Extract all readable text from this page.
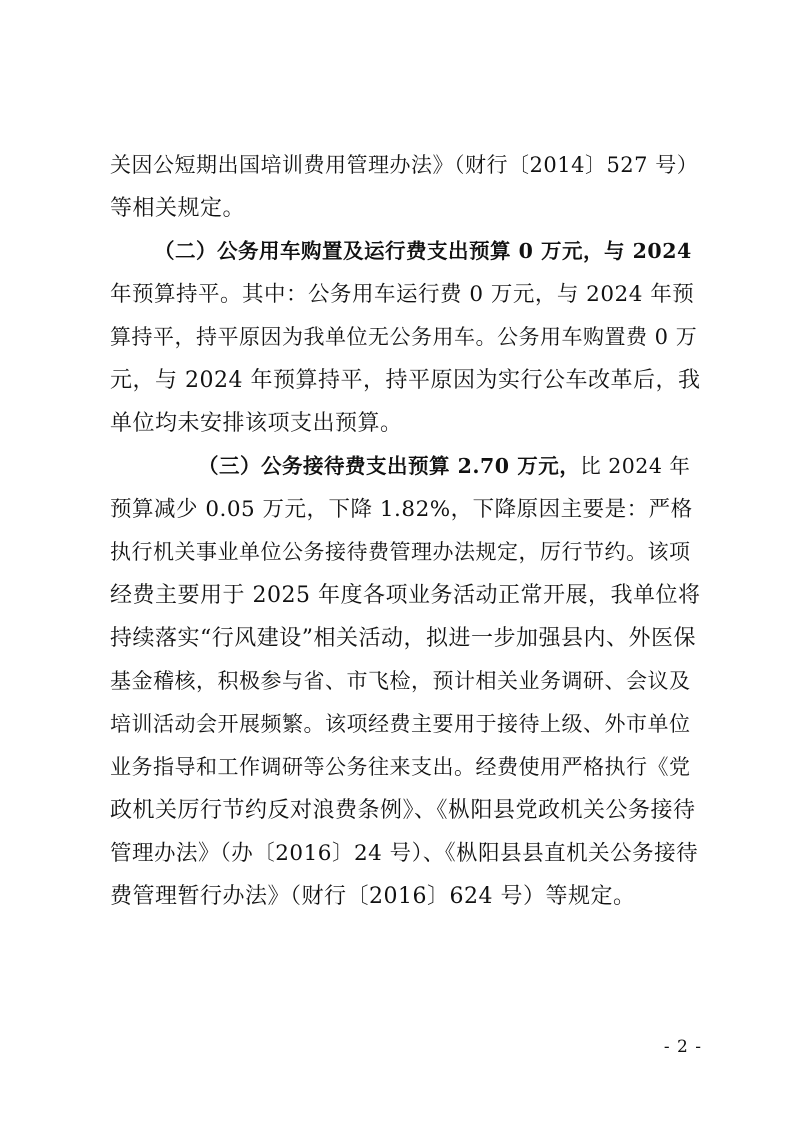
关因公短期出国培训费用管理办法》（财行〔2014〕527 号）

等相关规定。

（二）公务用车购置及运行费支出预算 0 万元，与 2024

年预算持平。其中：公务用车运行费 0 万元，与 2024 年预

算持平，持平原因为我单位无公务用车。公务用车购置费 0 万

元，与 2024 年预算持平，持平原因为实行公车改革后，我

单位均未安排该项支出预算。

（三）公务接待费支出预算 2.70 万元，比 2024 年

预算减少 0.05 万元，下降 1.82%，下降原因主要是：严格

执行机关事业单位公务接待费管理办法规定，厉行节约。该项

经费主要用于 2025 年度各项业务活动正常开展，我单位将

持续落实“行风建设”相关活动，拟进一步加强县内、外医保

基金稽核，积极参与省、市飞检，预计相关业务调研、会议及

培训活动会开展频繁。该项经费主要用于接待上级、外市单位

业务指导和工作调研等公务往来支出。经费使用严格执行《党

政机关厉行节约反对浪费条例》、《枞阳县党政机关公务接待

管理办法》（办〔2016〕24 号）、《枞阳县县直机关公务接待

费管理暂行办法》（财行〔2016〕624 号）等规定。

- 2 -
